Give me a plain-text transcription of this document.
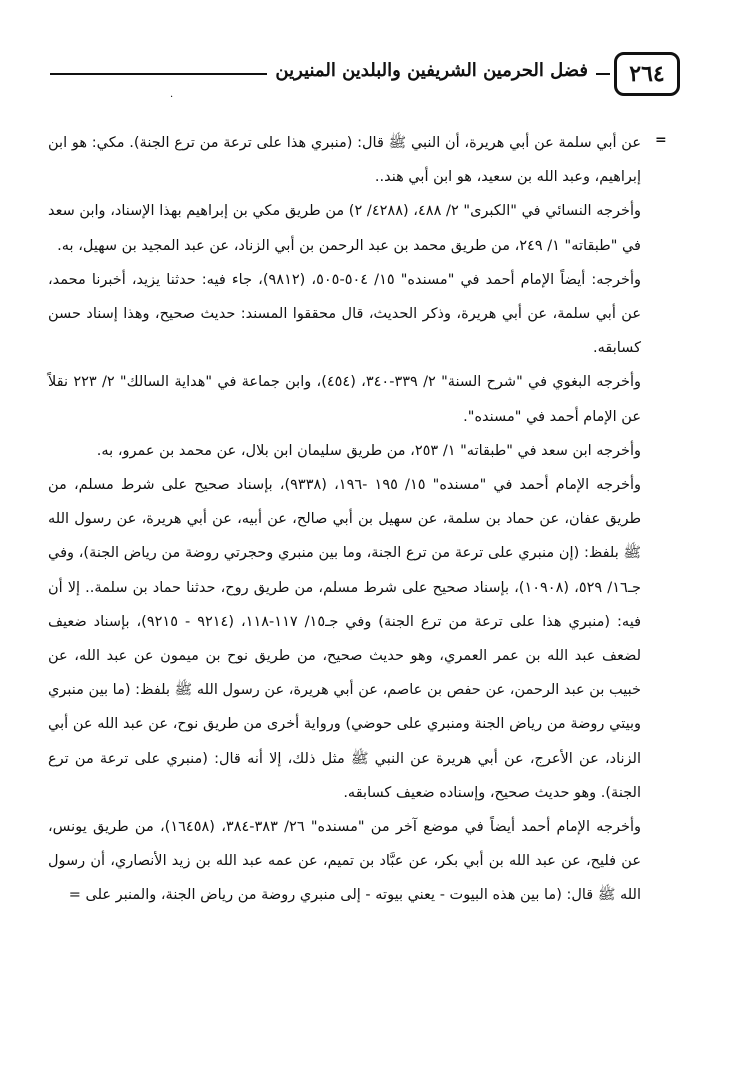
فضل الحرمين الشريفين والبلدين المنيرين	٢٦٤
·
=

عن أبي سلمة عن أبي هريرة، أن النبي ﷺ قال: (منبري هذا على ترعة من ترع الجنة). مكي: هو ابن إبراهيم، وعبد الله بن سعيد، هو ابن أبي هند..

وأخرجه النسائي في "الكبرى" ٢/ ٤٨٨، (٤٢٨٨/ ٢) من طريق مكي بن إبراهيم بهذا الإسناد، وابن سعد في "طبقاته" ١/ ٢٤٩، من طريق محمد بن عبد الرحمن بن أبي الزناد، عن عبد المجيد بن سهيل، به.

وأخرجه: أيضاً الإمام أحمد في "مسنده" ١٥/ ٥٠٤-٥٠٥، (٩٨١٢)، جاء فيه: حدثنا يزيد، أخبرنا محمد، عن أبي سلمة، عن أبي هريرة، وذكر الحديث، قال محققوا المسند: حديث صحيح، وهذا إسناد حسن كسابقه.

وأخرجه البغوي في "شرح السنة" ٢/ ٣٣٩-٣٤٠، (٤٥٤)، وابن جماعة في "هداية السالك" ٢/ ٢٢٣ نقلاً عن الإمام أحمد في "مسنده".

وأخرجه ابن سعد في "طبقاته" ١/ ٢٥٣، من طريق سليمان ابن بلال، عن محمد بن عمرو، به.

وأخرجه الإمام أحمد في "مسنده" ١٥/ ١٩٥ -١٩٦، (٩٣٣٨)، بإسناد صحيح على شرط مسلم، من طريق عفان، عن حماد بن سلمة، عن سهيل بن أبي صالح، عن أبيه، عن أبي هريرة، عن رسول الله ﷺ بلفظ: (إن منبري على ترعة من ترع الجنة، وما بين منبري وحجرتي روضة من رياض الجنة)، وفي جـ١٦/ ٥٢٩، (١٠٩٠٨)، بإسناد صحيح على شرط مسلم، من طريق روح، حدثنا حماد بن سلمة.. إلا أن فيه: (منبري هذا على ترعة من ترع الجنة) وفي جـ١٥/ ١١٧-١١٨، (٩٢١٤ - ٩٢١٥)، بإسناد ضعيف لضعف عبد الله بن عمر العمري، وهو حديث صحيح، من طريق نوح بن ميمون عن عبد الله، عن خبيب بن عبد الرحمن، عن حفص بن عاصم، عن أبي هريرة، عن رسول الله ﷺ بلفظ: (ما بين منبري وبيتي روضة من رياض الجنة ومنبري على حوضي) ورواية أخرى من طريق نوح، عن عبد الله عن أبي الزناد، عن الأعرج، عن أبي هريرة عن النبي ﷺ مثل ذلك، إلا أنه قال: (منبري على ترعة من ترع الجنة). وهو حديث صحيح، وإسناده ضعيف كسابقه.

وأخرجه الإمام أحمد أيضاً في موضع آخر من "مسنده" ٢٦/ ٣٨٣-٣٨٤، (١٦٤٥٨)، من طريق يونس، عن فليح، عن عبد الله بن أبي بكر، عن عبَّاد بن تميم، عن عمه عبد الله بن زيد الأنصاري، أن رسول الله ﷺ قال: (ما بين هذه البيوت - يعني بيوته - إلى منبري روضة من رياض الجنة، والمنبر على =
